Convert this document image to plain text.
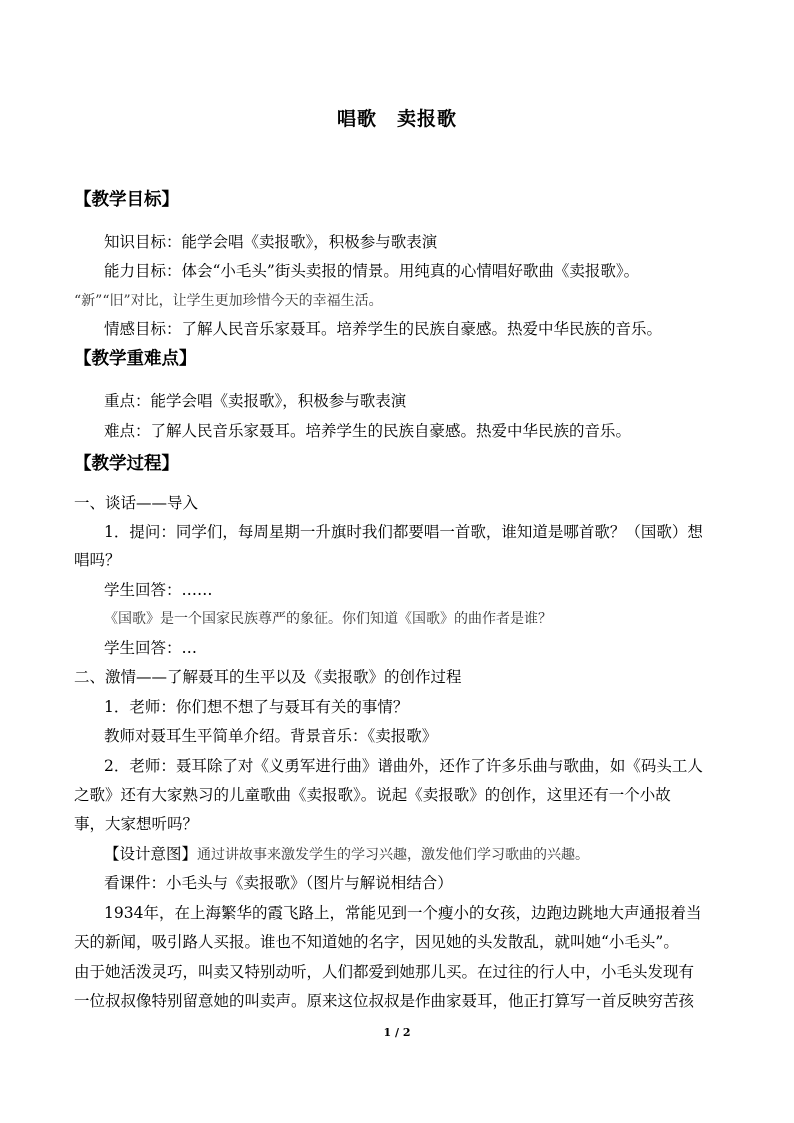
唱歌　卖报歌
【教学目标】
知识目标：能学会唱《卖报歌》，积极参与歌表演
能力目标：体会“小毛头”街头卖报的情景。用纯真的心情唱好歌曲《卖报歌》。
“新”“旧”对比，让学生更加珍惜今天的幸福生活。
情感目标：了解人民音乐家聂耳。培养学生的民族自豪感。热爱中华民族的音乐。
【教学重难点】
重点：能学会唱《卖报歌》，积极参与歌表演
难点：了解人民音乐家聂耳。培养学生的民族自豪感。热爱中华民族的音乐。
【教学过程】
一、谈话——导入
1．提问：同学们，每周星期一升旗时我们都要唱一首歌，谁知道是哪首歌？（国歌）想
唱吗？
学生回答：……
《国歌》是一个国家民族尊严的象征。你们知道《国歌》的曲作者是谁？
学生回答：…
二、激情——了解聂耳的生平以及《卖报歌》的创作过程
1．老师：你们想不想了与聂耳有关的事情？
教师对聂耳生平简单介绍。背景音乐：《卖报歌》
2．老师：聂耳除了对《义勇军进行曲》谱曲外，还作了许多乐曲与歌曲，如《码头工人
之歌》还有大家熟习的儿童歌曲《卖报歌》。说起《卖报歌》的创作，这里还有一个小故
事，大家想听吗？
【设计意图】通过讲故事来激发学生的学习兴趣，激发他们学习歌曲的兴趣。
看课件：小毛头与《卖报歌》（图片与解说相结合）
1934年，在上海繁华的霞飞路上，常能见到一个瘦小的女孩，边跑边跳地大声通报着当
天的新闻，吸引路人买报。谁也不知道她的名字，因见她的头发散乱，就叫她“小毛头”。
由于她活泼灵巧，叫卖又特别动听，人们都爱到她那儿买。在过往的行人中，小毛头发现有
一位叔叔像特别留意她的叫卖声。原来这位叔叔是作曲家聂耳，他正打算写一首反映穷苦孩
1 / 2
